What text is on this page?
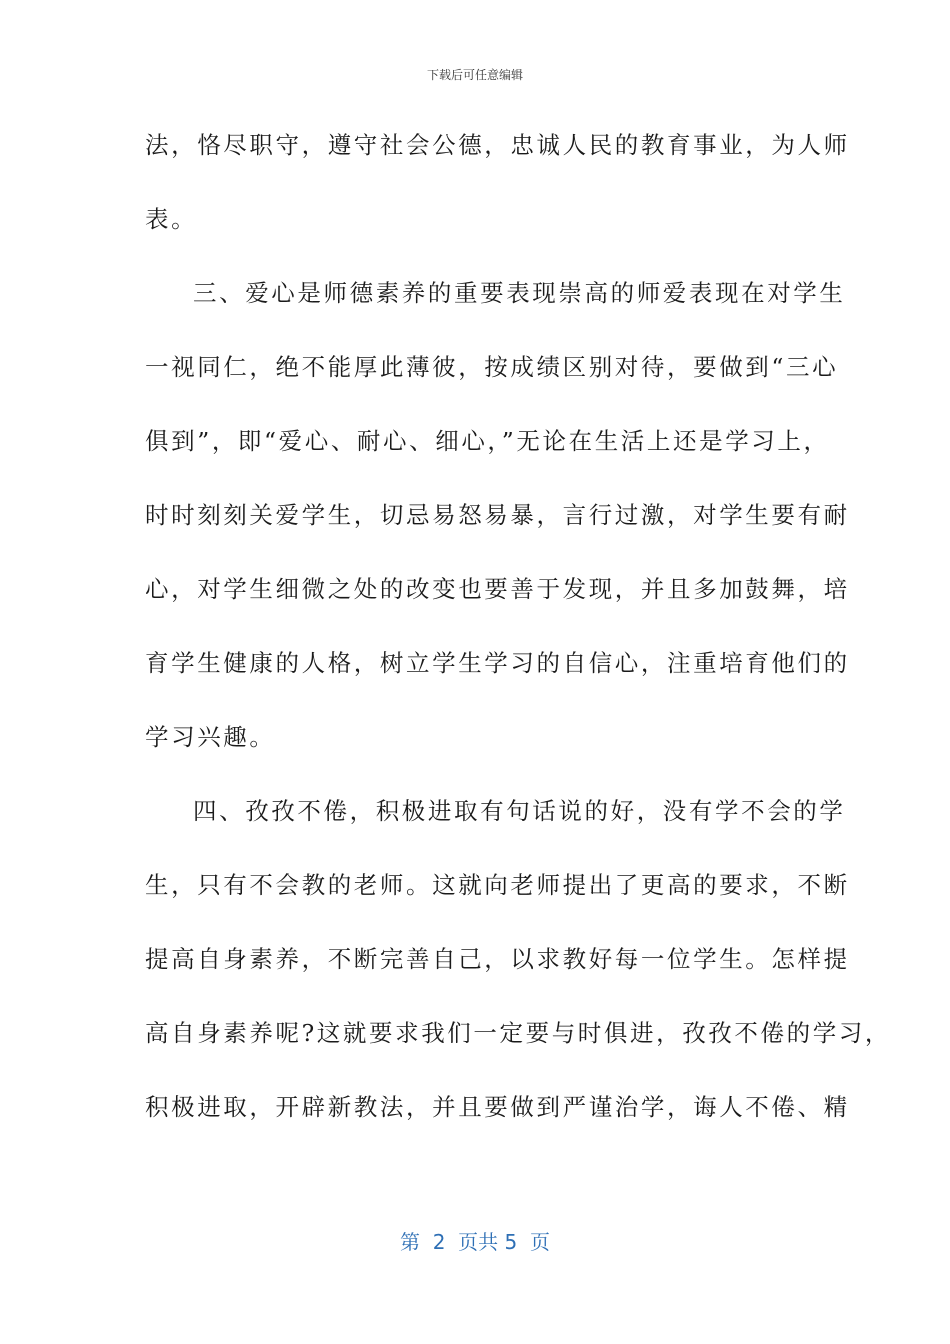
下载后可任意编辑
法，恪尽职守，遵守社会公德，忠诚人民的教育事业，为人师
表。
三、爱心是师德素养的重要表现崇高的师爱表现在对学生
一视同仁，绝不能厚此薄彼，按成绩区别对待，要做到“三心
俱到”，即“爱心、耐心、细心，”无论在生活上还是学习上，
时时刻刻关爱学生，切忌易怒易暴，言行过激，对学生要有耐
心，对学生细微之处的改变也要善于发现，并且多加鼓舞，培
育学生健康的人格，树立学生学习的自信心，注重培育他们的
学习兴趣。
四、孜孜不倦，积极进取有句话说的好，没有学不会的学
生，只有不会教的老师。这就向老师提出了更高的要求，不断
提高自身素养，不断完善自己，以求教好每一位学生。怎样提
高自身素养呢?这就要求我们一定要与时俱进，孜孜不倦的学习，
积极进取，开辟新教法，并且要做到严谨治学，诲人不倦、精
第  2  页共 5  页
